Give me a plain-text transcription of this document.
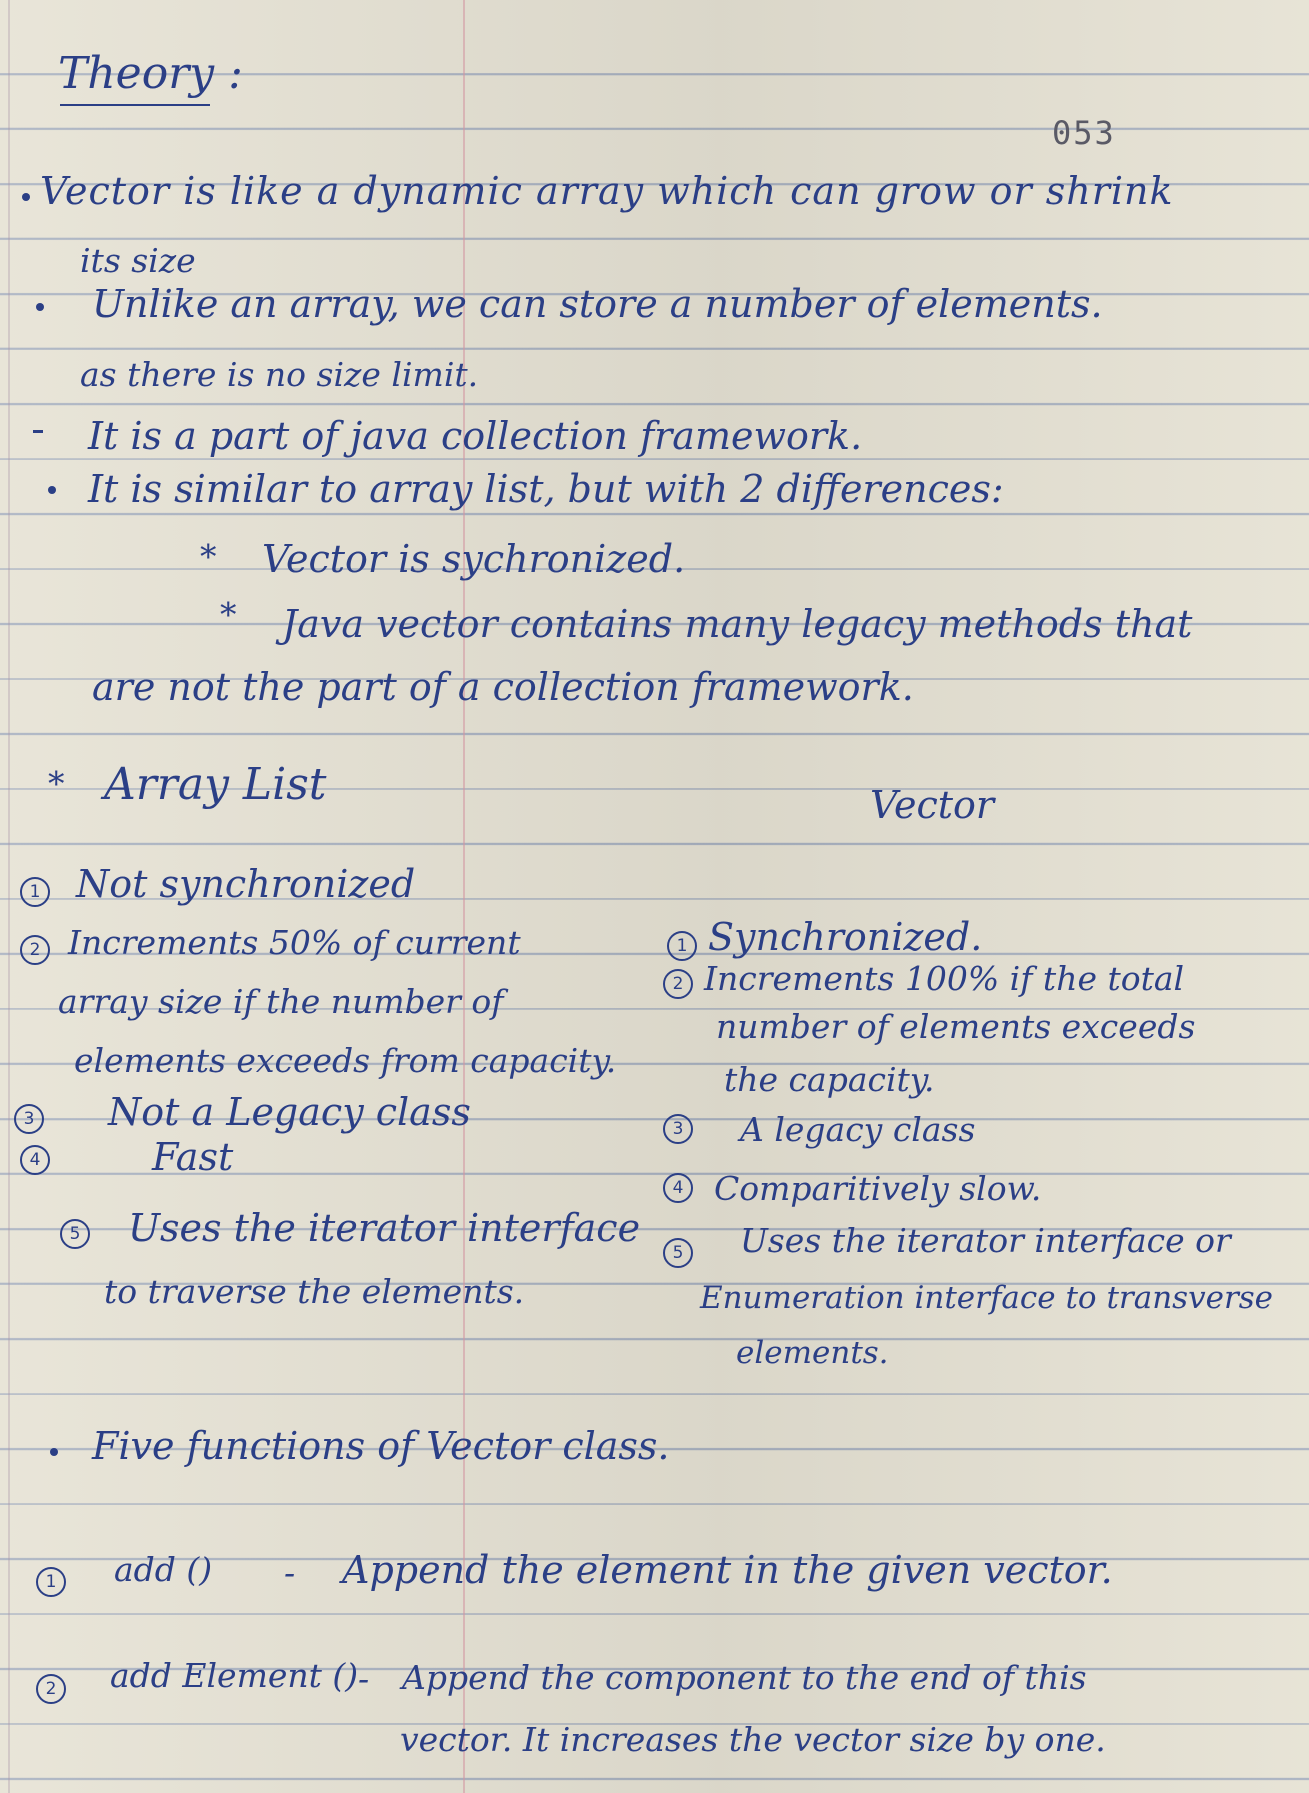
Theory :
053
Vector is like a dynamic array which can grow or shrink
its size
Unlike an array, we can store a number of elements.
as there is no size limit.
It is a part of java collection framework.
It is similar to array list, but with 2 differences:
* Vector is sychronized.
* Java vector contains many legacy methods that
are not the part of a collection framework.
* Array List	Vector
1 Not synchronized
2 Increments 50% of current
array size if the number of
elements exceeds from capacity.
3 Not a Legacy class
4	Fast
5 Uses the iterator interface
to traverse the elements.
1 Synchronized.
2 Increments 100% if the total
number of elements exceeds
the capacity.
3 A legacy class
4 Comparitively slow.
5 Uses the iterator interface or
Enumeration interface to transverse
elements.
Five functions of Vector class.
1 add () - Append the element in the given vector.
2 add Element () - Append the component to the end of this
vector. It increases the vector size by one.
